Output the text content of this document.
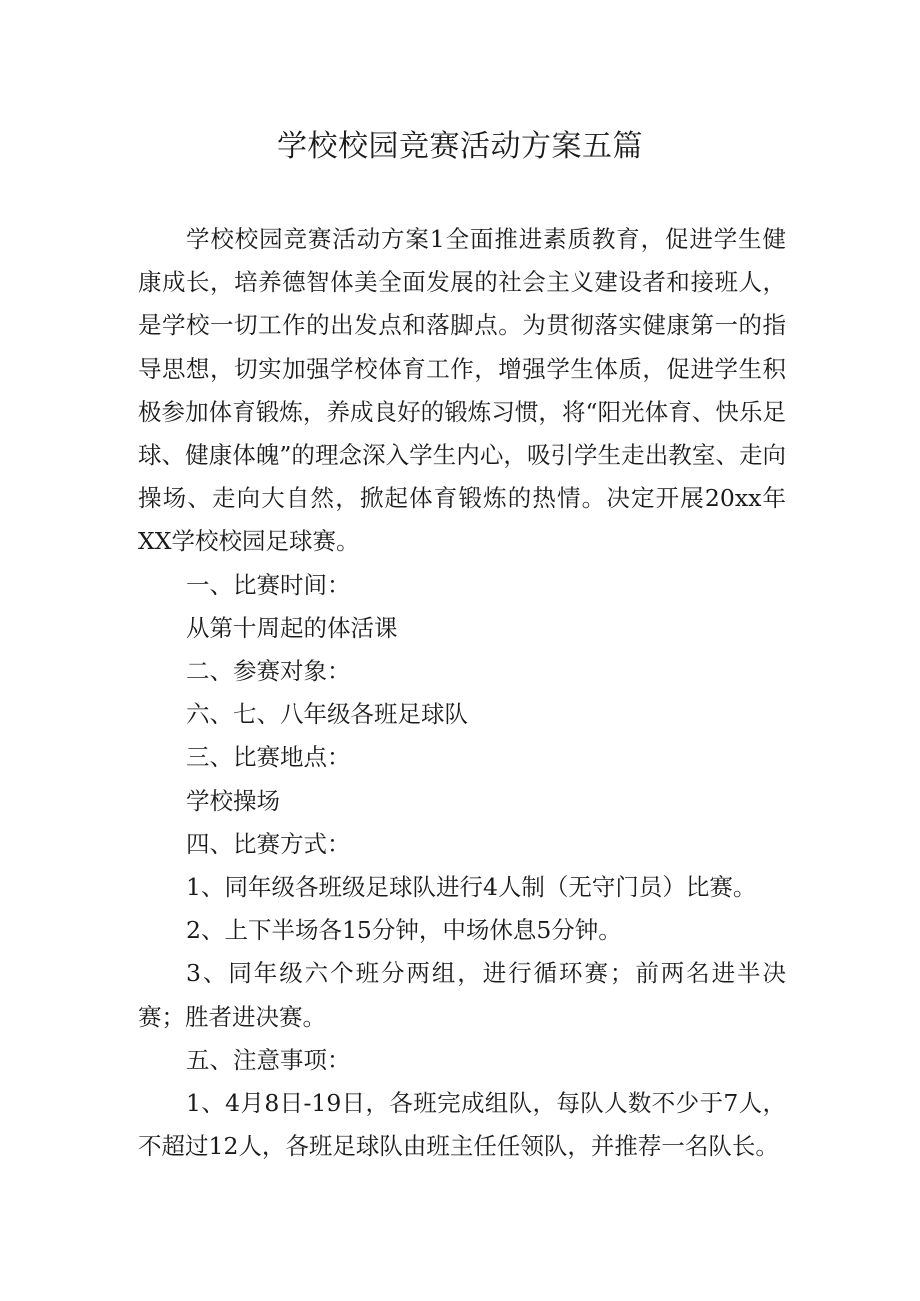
学校校园竞赛活动方案五篇

学校校园竞赛活动方案1全面推进素质教育，促进学生健康成长，培养德智体美全面发展的社会主义建设者和接班人，是学校一切工作的出发点和落脚点。为贯彻落实健康第一的指导思想，切实加强学校体育工作，增强学生体质，促进学生积极参加体育锻炼，养成良好的锻炼习惯，将“阳光体育、快乐足球、健康体魄”的理念深入学生内心，吸引学生走出教室、走向操场、走向大自然，掀起体育锻炼的热情。决定开展20xx年XX学校校园足球赛。

一、比赛时间：

从第十周起的体活课

二、参赛对象：

六、七、八年级各班足球队

三、比赛地点：

学校操场

四、比赛方式：

1、同年级各班级足球队进行4人制（无守门员）比赛。

2、上下半场各15分钟，中场休息5分钟。

3、同年级六个班分两组，进行循环赛；前两名进半决赛；胜者进决赛。

五、注意事项：

1、4月8日-19日，各班完成组队，每队人数不少于7人，不超过12人，各班足球队由班主任任领队，并推荐一名队长。
